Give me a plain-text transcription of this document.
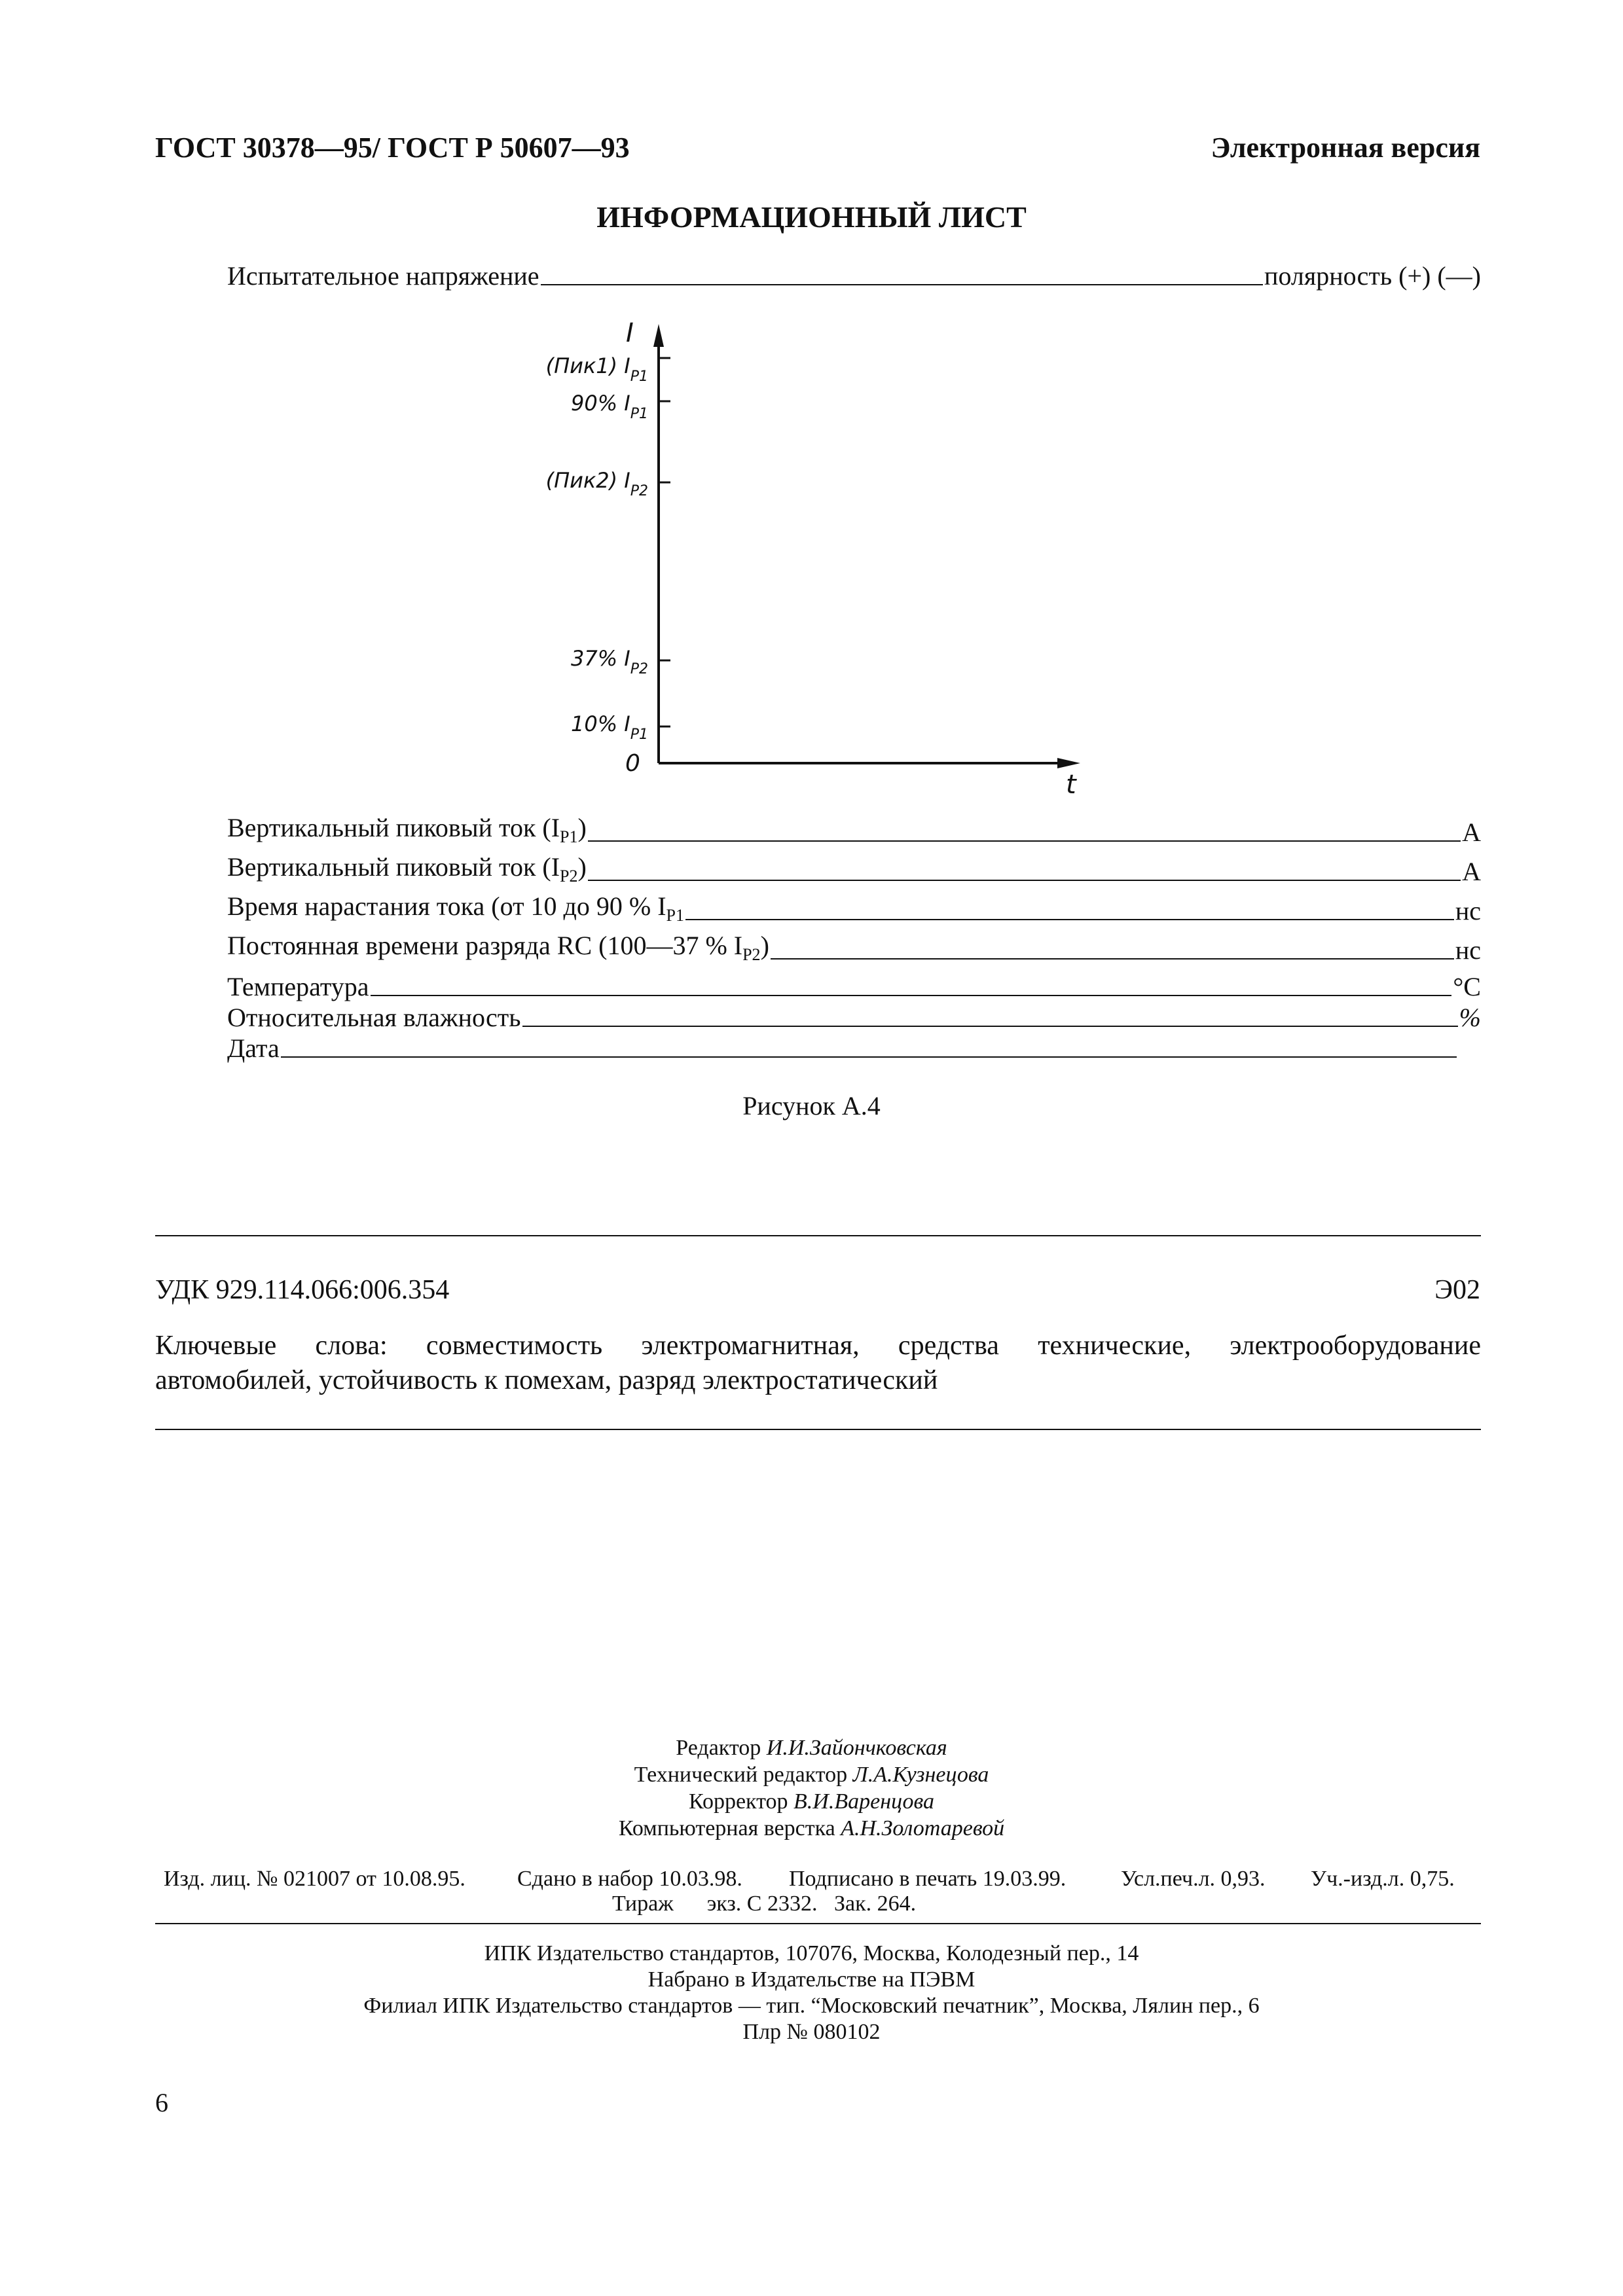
ГОСТ 30378—95/ ГОСТ Р 50607—93	Электронная версия
ИНФОРМАЦИОННЫЙ ЛИСТ
Испытательное напряжение	полярность (+) (—)
I
t
0
(Пик1) $I_{P1}$
90% $I_{P1}$
(Пик2) $I_{P2}$
37% $I_{P2}$
10% $I_{P1}$
Вертикальный пиковый ток $(I_{P1})$	А
Вертикальный пиковый ток $(I_{P2})$	А
Время нарастания тока (от 10 до 90 % $I_{P1}$	нс
Постоянная времени разряда RC (100—37 % $I_{P2}$)	нс
Температура	°C
Относительная влажность	%
Дата
Рисунок А.4
УДК 929.114.066:006.354	Э02
Ключевые слова: совместимость электромагнитная, средства технические, электрооборудование
автомобилей, устойчивость к помехам, разряд электростатический
Редактор И.И.Зайончковская
Технический редактор Л.А.Кузнецова
Корректор В.И.Варенцова
Компьютерная верстка А.Н.Золотаревой
Изд. лиц. № 021007 от 10.08.95. Сдано в набор 10.03.98. Подписано в печать 19.03.99. Усл.печ.л. 0,93. Уч.-изд.л. 0,75.
Тираж      экз. С 2332.   Зак. 264.
ИПК Издательство стандартов, 107076, Москва, Колодезный пер., 14
Набрано в Издательстве на ПЭВМ
Филиал ИПК Издательство стандартов — тип. “Московский печатник”, Москва, Лялин пер., 6
Плр № 080102
6
